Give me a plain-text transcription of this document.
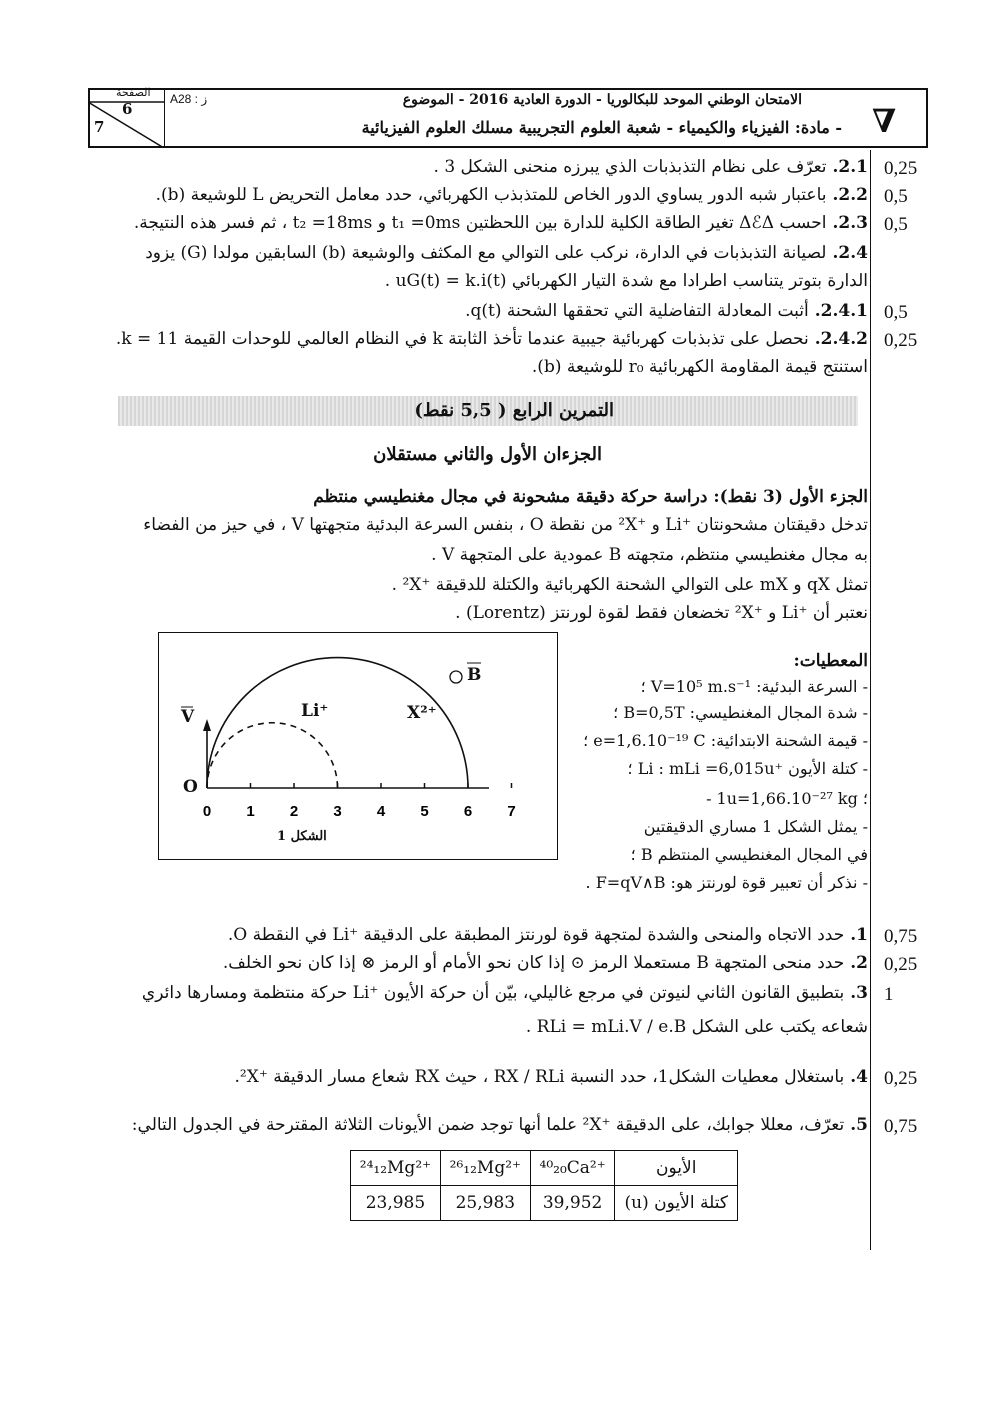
الصفحة
6
7
A28 : ز	الامتحان الوطني الموحد للبكالوريا - الدورة العادية 2016 - الموضوع
- مادة: الفيزياء والكيمياء - شعبة العلوم التجريبية مسلك العلوم الفيزيائية ∇
0,25
2.1.تعرّف على نظام التذبذبات الذي يبرزه منحنى الشكل 3 .
0,5
2.2.باعتبار شبه الدور يساوي الدور الخاص للمتذبذب الكهربائي، حدد معامل التحريض L للوشيعة (b).
0,5
2.3.احسب ΔℰΔ تغير الطاقة الكلية للدارة بين اللحظتين t₁ =0ms و t₂ =18ms ، ثم فسر هذه النتيجة.
2.4.لصيانة التذبذبات في الدارة، نركب على التوالي مع المكثف والوشيعة (b) السابقين مولدا (G) يزود
الدارة بتوتر يتناسب اطرادا مع شدة التيار الكهربائي uG(t) = k.i(t) .
0,5
2.4.1.أثبت المعادلة التفاضلية التي تحققها الشحنة q(t).
0,25
2.4.2.نحصل على تذبذبات كهربائية جيبية عندما تأخذ الثابتة k في النظام العالمي للوحدات القيمة k = 11.
استنتج قيمة المقاومة الكهربائية r₀ للوشيعة (b).
التمرين الرابع ( 5,5 نقط)
الجزءان الأول والثاني مستقلان
الجزء الأول (3 نقط): دراسة حركة دقيقة مشحونة في مجال مغنطيسي منتظم
تدخل دقيقتان مشحونتان ⁺Li و ⁺²X من نقطة O ، بنفس السرعة البدئية متجهتها V ، في حيز من الفضاء
به مجال مغنطيسي منتظم، متجهته B عمودية على المتجهة V .
تمثل qX و mX على التوالي الشحنة الكهربائية والكتلة للدقيقة ⁺²X .
نعتبر أن ⁺Li و ⁺²X تخضعان فقط لقوة لورنتز (Lorentz) .
0 1 2 3 4 5 6 7
V
O
B
Li⁺	X²⁺
الشكل 1
المعطيات:
- السرعة البدئية: V=10⁵ m.s⁻¹ ؛
- شدة المجال المغنطيسي: B=0,5T ؛
- قيمة الشحنة الابتدائية: e=1,6.10⁻¹⁹ C ؛
- كتلة الأيون ⁺Li : mLi =6,015u ؛
- 1u=1,66.10⁻²⁷ kg ؛
- يمثل الشكل 1 مساري الدقيقتين
في المجال المغنطيسي المنتظم B ؛
- نذكر أن تعبير قوة لورنتز هو: F=qV∧B .
0,75
1.حدد الاتجاه والمنحى والشدة لمتجهة قوة لورنتز المطبقة على الدقيقة ⁺Li في النقطة O.
0,25
2.حدد منحى المتجهة B مستعملا الرمز ⊙ إذا كان نحو الأمام أو الرمز ⊗ إذا كان نحو الخلف.
1
3.بتطبيق القانون الثاني لنيوتن في مرجع غاليلي، بيّن أن حركة الأيون ⁺Li حركة منتظمة ومسارها دائري
شعاعه يكتب على الشكل RLi = mLi.V / e.B .
0,25
4.باستغلال معطيات الشكل1، حدد النسبة RX / RLi ، حيث RX شعاع مسار الدقيقة ⁺²X.
0,75
5.تعرّف، معللا جوابك، على الدقيقة ⁺²X علما أنها توجد ضمن الأيونات الثلاثة المقترحة في الجدول التالي:
²⁴₁₂Mg²⁺	²⁶₁₂Mg²⁺	⁴⁰₂₀Ca²⁺	الأيون
23,985	25,983	39,952	كتلة الأيون (u)
